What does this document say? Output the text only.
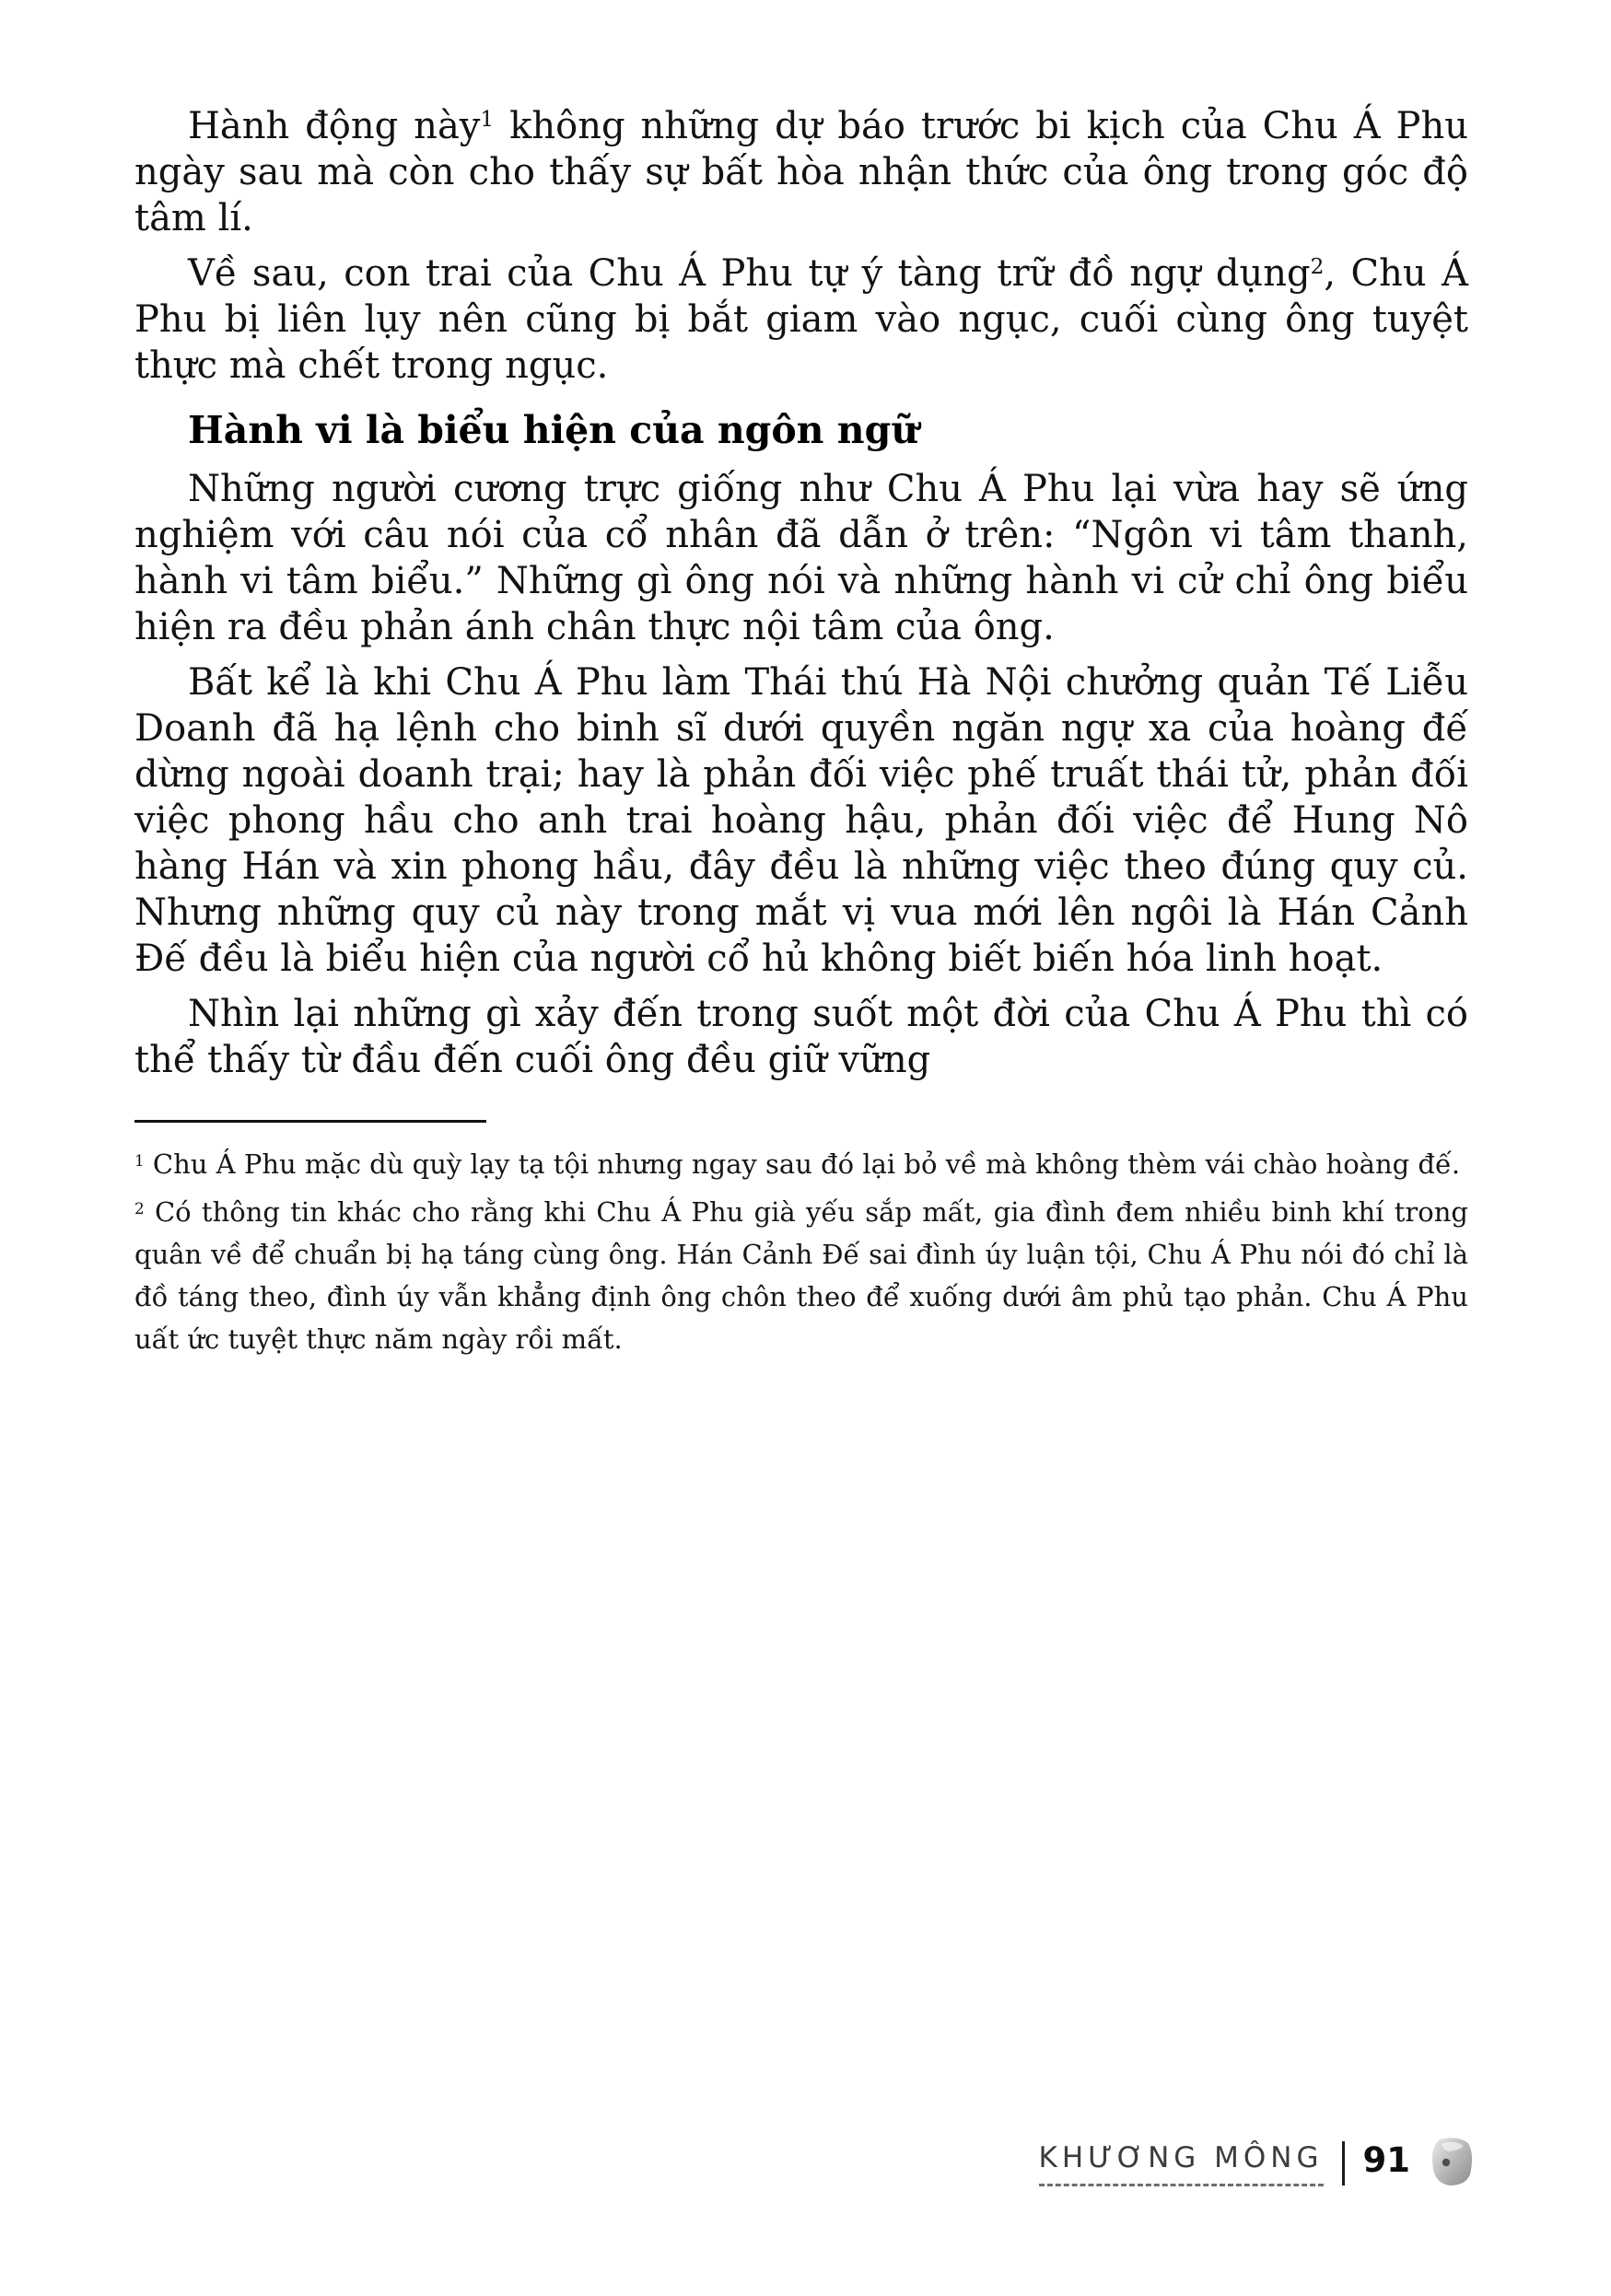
Hành động này$^1$ không những dự báo trước bi kịch của Chu Á Phu ngày sau mà còn cho thấy sự bất hòa nhận thức của ông trong góc độ tâm lí.

Về sau, con trai của Chu Á Phu tự ý tàng trữ đồ ngự dụng$^2$, Chu Á Phu bị liên lụy nên cũng bị bắt giam vào ngục, cuối cùng ông tuyệt thực mà chết trong ngục.

Hành vi là biểu hiện của ngôn ngữ

Những người cương trực giống như Chu Á Phu lại vừa hay sẽ ứng nghiệm với câu nói của cổ nhân đã dẫn ở trên: “Ngôn vi tâm thanh, hành vi tâm biểu.” Những gì ông nói và những hành vi cử chỉ ông biểu hiện ra đều phản ánh chân thực nội tâm của ông.

Bất kể là khi Chu Á Phu làm Thái thú Hà Nội chưởng quản Tế Liễu Doanh đã hạ lệnh cho binh sĩ dưới quyền ngăn ngự xa của hoàng đế dừng ngoài doanh trại; hay là phản đối việc phế truất thái tử, phản đối việc phong hầu cho anh trai hoàng hậu, phản đối việc để Hung Nô hàng Hán và xin phong hầu, đây đều là những việc theo đúng quy củ. Nhưng những quy củ này trong mắt vị vua mới lên ngôi là Hán Cảnh Đế đều là biểu hiện của người cổ hủ không biết biến hóa linh hoạt.

Nhìn lại những gì xảy đến trong suốt một đời của Chu Á Phu thì có thể thấy từ đầu đến cuối ông đều giữ vững

$^1$ Chu Á Phu mặc dù quỳ lạy tạ tội nhưng ngay sau đó lại bỏ về mà không thèm vái chào hoàng đế.

$^2$ Có thông tin khác cho rằng khi Chu Á Phu già yếu sắp mất, gia đình đem nhiều binh khí trong quân về để chuẩn bị hạ táng cùng ông. Hán Cảnh Đế sai đình úy luận tội, Chu Á Phu nói đó chỉ là đồ táng theo, đình úy vẫn khẳng định ông chôn theo để xuống dưới âm phủ tạo phản. Chu Á Phu uất ức tuyệt thực năm ngày rồi mất.

KHƯƠNG MÔNG 91
